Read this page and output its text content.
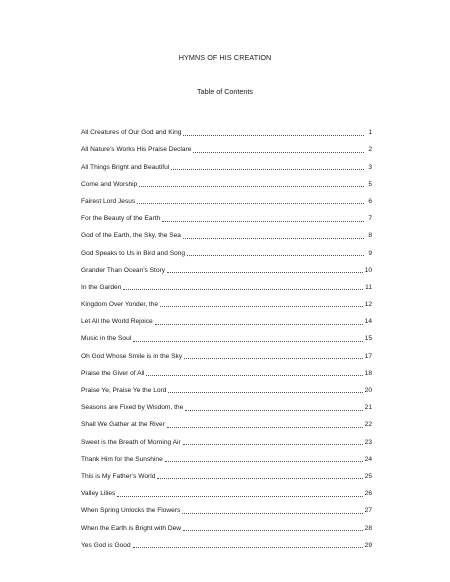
HYMNS OF HIS CREATION
Table of Contents
All Creatures of Our God and King	1
All Nature’s Works His Praise Declare	2
All Things Bright and Beautiful	3
Come and Worship	5
Fairest Lord Jesus	6
For the Beauty of the Earth	7
God of the Earth, the Sky, the Sea	8
God Speaks to Us in Bird and Song	9
Grander Than Ocean’s Story	10
In the Garden	11
Kingdom Over Yonder, the	12
Let All the World Rejoice	14
Music in the Soul	15
Oh God Whose Smile is in the Sky	17
Praise the Giver of All	18
Praise Ye, Praise Ye the Lord	20
Seasons are Fixed by Wisdom, the	21
Shall We Gather at the River	22
Sweet is the Breath of Morning Air	23
Thank Him for the Sunshine	24
This is My Father’s World	25
Valley Lilies	26
When Spring Unlocks the Flowers	27
When the Earth is Bright with Dew	28
Yes God is Good	29
